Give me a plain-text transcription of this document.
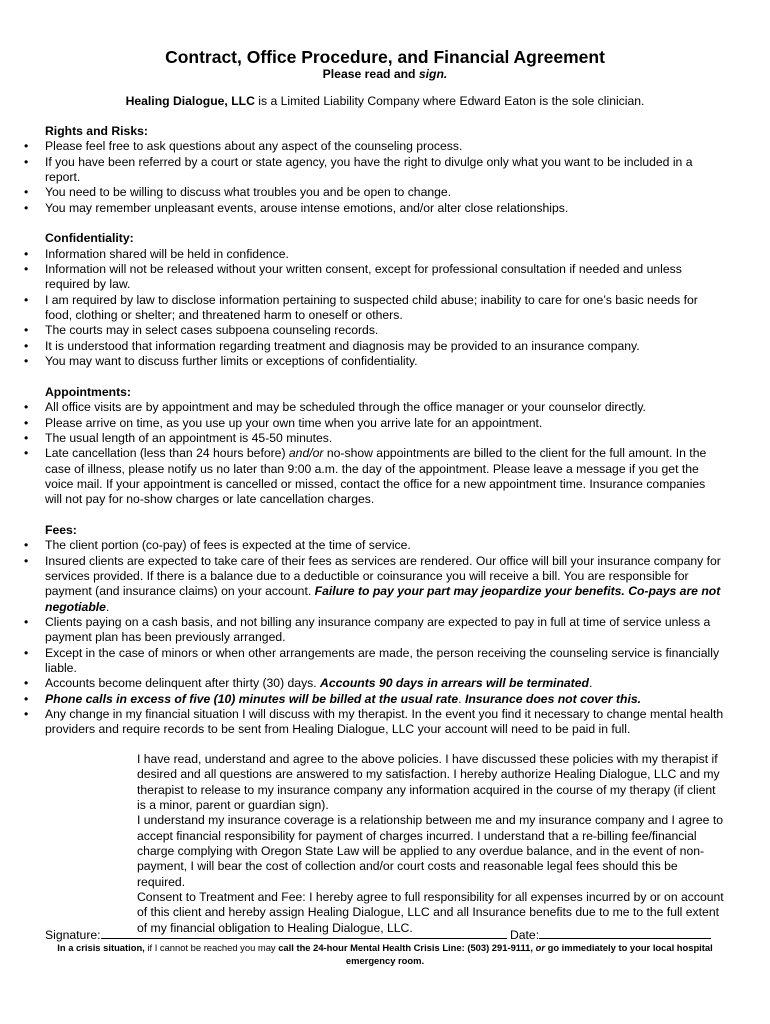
Contract, Office Procedure, and Financial Agreement
Please read and sign.
Healing Dialogue, LLC is a Limited Liability Company where Edward Eaton is the sole clinician.
Rights and Risks:
• Please feel free to ask questions about any aspect of the counseling process.
• If you have been referred by a court or state agency, you have the right to divulge only what you want to be included in a report.
• You need to be willing to discuss what troubles you and be open to change.
• You may remember unpleasant events, arouse intense emotions, and/or alter close relationships.
Confidentiality:
• Information shared will be held in confidence.
• Information will not be released without your written consent, except for professional consultation if needed and unless required by law.
• I am required by law to disclose information pertaining to suspected child abuse; inability to care for one’s basic needs for food, clothing or shelter; and threatened harm to oneself or others.
• The courts may in select cases subpoena counseling records.
• It is understood that information regarding treatment and diagnosis may be provided to an insurance company.
• You may want to discuss further limits or exceptions of confidentiality.
Appointments:
• All office visits are by appointment and may be scheduled through the office manager or your counselor directly.
• Please arrive on time, as you use up your own time when you arrive late for an appointment.
• The usual length of an appointment is 45-50 minutes.
• Late cancellation (less than 24 hours before) and/or no-show appointments are billed to the client for the full amount. In the case of illness, please notify us no later than 9:00 a.m. the day of the appointment. Please leave a message if you get the voice mail. If your appointment is cancelled or missed, contact the office for a new appointment time. Insurance companies will not pay for no-show charges or late cancellation charges.
Fees:
• The client portion (co-pay) of fees is expected at the time of service.
• Insured clients are expected to take care of their fees as services are rendered. Our office will bill your insurance company for services provided. If there is a balance due to a deductible or coinsurance you will receive a bill. You are responsible for payment (and insurance claims) on your account. Failure to pay your part may jeopardize your benefits. Co-pays are not negotiable.
• Clients paying on a cash basis, and not billing any insurance company are expected to pay in full at time of service unless a payment plan has been previously arranged.
• Except in the case of minors or when other arrangements are made, the person receiving the counseling service is financially liable.
• Accounts become delinquent after thirty (30) days. Accounts 90 days in arrears will be terminated.
• Phone calls in excess of five (10) minutes will be billed at the usual rate. Insurance does not cover this.
• Any change in my financial situation I will discuss with my therapist. In the event you find it necessary to change mental health providers and require records to be sent from Healing Dialogue, LLC your account will need to be paid in full.

I have read, understand and agree to the above policies. I have discussed these policies with my therapist if desired and all questions are answered to my satisfaction. I hereby authorize Healing Dialogue, LLC and my therapist to release to my insurance company any information acquired in the course of my therapy (if client is a minor, parent or guardian sign).

I understand my insurance coverage is a relationship between me and my insurance company and I agree to accept financial responsibility for payment of charges incurred. I understand that a re-billing fee/financial charge complying with Oregon State Law will be applied to any overdue balance, and in the event of non-payment, I will bear the cost of collection and/or court costs and reasonable legal fees should this be required.

Consent to Treatment and Fee: I hereby agree to full responsibility for all expenses incurred by or on account of this client and hereby assign Healing Dialogue, LLC and all Insurance benefits due to me to the full extent of my financial obligation to Healing Dialogue, LLC.

Signature:	Date:
In a crisis situation, if I cannot be reached you may call the 24-hour Mental Health Crisis Line: (503) 291-9111, or go immediately to your local hospital emergency room.
